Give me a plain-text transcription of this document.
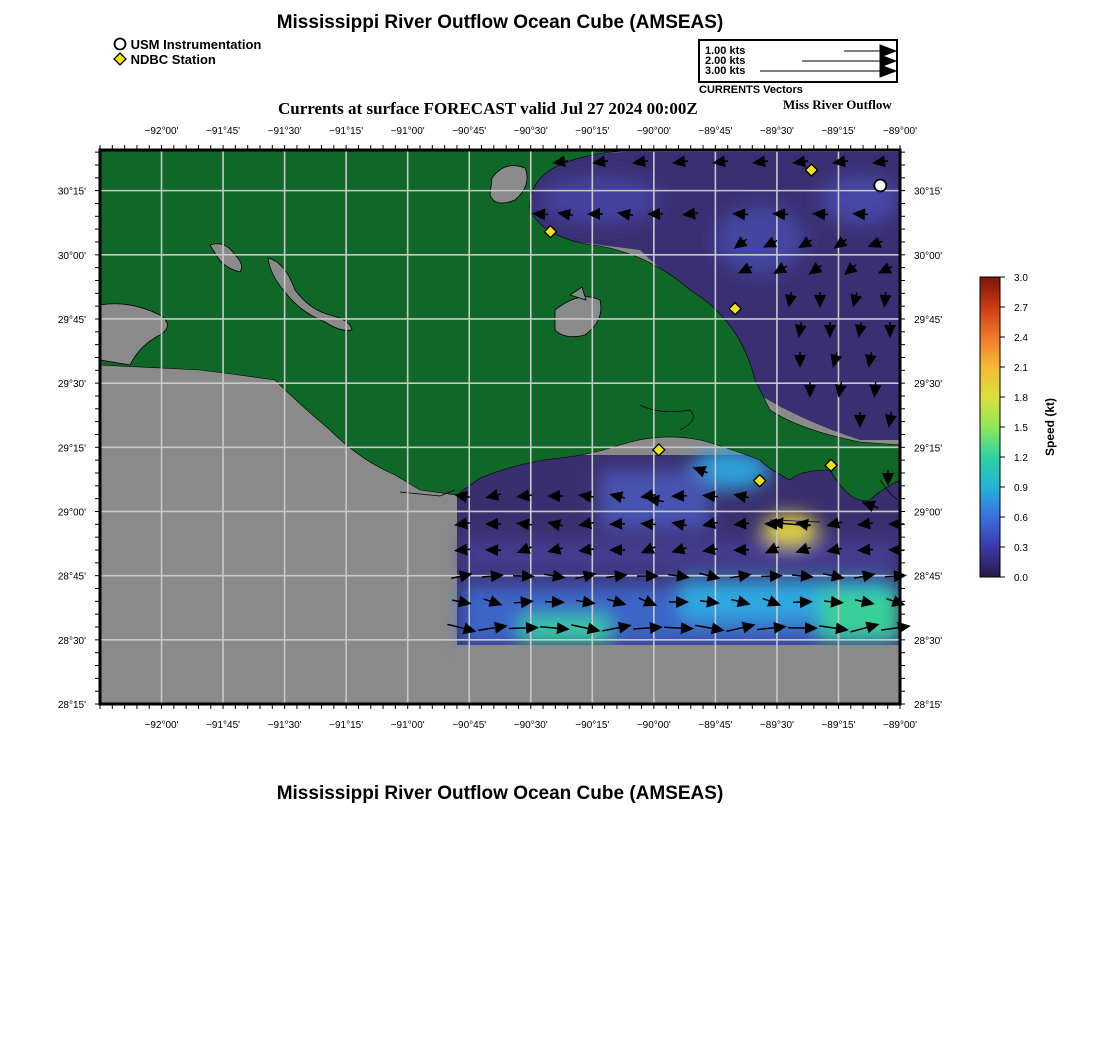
Mississippi River Outflow Ocean Cube (AMSEAS)
Mississippi River Outflow Ocean Cube (AMSEAS)
USM Instrumentation
NDBC Station
1.00 kts
2.00 kts
3.00 kts
CURRENTS Vectors
Currents at surface FORECAST valid Jul 27 2024 00:00Z	Miss River Outflow
−92°00'	−91°45'	−91°30'	−91°15'	−91°00'	−90°45'	−90°30'	−90°15'	−90°00'	−89°45'	−89°30'	−89°15'	−89°00'
−92°00'	−91°45'	−91°30'	−91°15'	−91°00'	−90°45'	−90°30'	−90°15'	−90°00'	−89°45'	−89°30'	−89°15'	−89°00'
30°15'
30°00'
29°45'
29°30'
29°15'
29°00'
28°45'
28°30'
28°15'
30°15'
30°00'
29°45'
29°30'
29°15'
29°00'
28°45'
28°30'
28°15'
3.0
2.7
2.4
2.1
1.8
1.5
1.2
0.9
0.6
0.3
0.0
Speed (kt)
